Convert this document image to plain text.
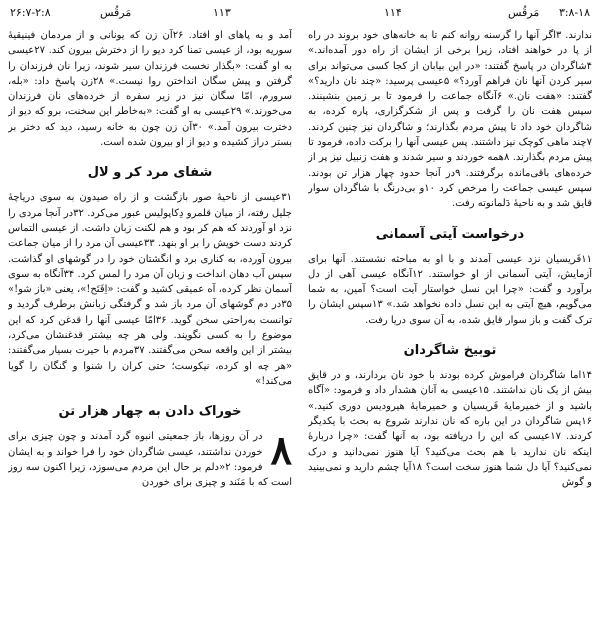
۲۶:۷-۲:۸	مَرقُس	۱۱۳	۱۱۴	مَرقُس ۳:۸-۱۸

ندارند. ۳اگر آنها را گرسنه روانه کنم تا به خانه‌های خود بروند در راه از پا در خواهند افتاد، زیرا برخی از ایشان از راه دور آمده‌اند.» ۴شاگردان در پاسخ گفتند: «در این بیابان از کجا کسی می‌تواند برای سیر کردن آنها نان فراهم آورد؟» ۵عیسی پرسید: «چند نان دارید؟» گفتند: «هفت نان.» ۶آنگاه جماعت را فرمود تا بر زمین بنشینند. سپس هفت نان را گرفت و پس از شکرگزاری، پاره کرده، به شاگردان خود داد تا پیش مردم بگذارند؛ و شاگردان نیز چنین کردند. ۷چند ماهی کوچک نیز داشتند. پس عیسی آنها را برکت داده، فرمود تا پیش مردم بگذارند. ۸همه خوردند و سیر شدند و هفت زنبیل نیز پر از خرده‌های باقی‌مانده برگرفتند. ۹در آنجا حدود چهار هزار تن بودند. سپس عیسی جماعت را مرخص کرد ۱۰و بی‌درنگ با شاگردان سوار قایق شد و به ناحیهٔ دَلمانوته رفت.

درخواست آیتی آسمانی

۱۱فَریسیان نزد عیسی آمدند و با او به مباحثه نشستند. آنها برای آزمایش، آیتی آسمانی از او خواستند. ۱۲آنگاه عیسی آهی از دل برآورد و گفت: «چرا این نسل خواستار آیت است؟ آمین، به شما می‌گویم، هیچ آیتی به این نسل داده نخواهد شد.» ۱۳سپس ایشان را ترک گفت و باز سوار قایق شده، به آن سوی دریا رفت.

توبیخ شاگردان

۱۴اما شاگردان فراموش کرده بودند با خود نان بردارند، و در قایق بیش از یک نان نداشتند. ۱۵عیسی به آنان هشدار داد و فرمود: «آگاه باشید و از خمیرمایهٔ فَریسیان و خمیرمایهٔ هیرودیس دوری کنید.» ۱۶پس شاگردان در این باره که نان ندارند شروع به بحث با یکدیگر کردند. ۱۷عیسی که این را دریافته بود، به آنها گفت: «چرا دربارهٔ اینکه نان ندارید با هم بحث می‌کنید؟ آیا هنوز نمی‌دانید و درک نمی‌کنید؟ آیا دل شما هنوز سخت است؟ ۱۸آیا چشم دارید و نمی‌بینید و گوش

آمد و به پاهای او افتاد. ۲۶آن زن که یونانی و از مردمان فینیقیهٔ سوریه بود، از عیسی تمنا کرد دیو را از دخترش بیرون کند. ۲۷عیسی به او گفت: «بگذار نخست فرزندان سیر شوند، زیرا نان فرزندان را گرفتن و پیش سگان انداختن روا نیست.» ۲۸زن پاسخ داد: «بله، سرورم، امّا سگان نیز در زیر سفره از خرده‌های نان فرزندان می‌خورند.» ۲۹عیسی به او گفت: «به‌خاطر این سخنت، برو که دیو از دخترت بیرون آمد.» ۳۰آن زن چون به خانه رسید، دید که دختر بر بستر دراز کشیده و دیو از او بیرون شده است.

شفای مرد کر و لال

۳۱عیسی از ناحیهٔ صور بازگشت و از راه صیدون به سوی دریاچهٔ جلیل رفته، از میان قلمرو دِکاپولیس عبور می‌کرد. ۳۲در آنجا مردی را نزد او آوردند که هم کر بود و هم لکنت زبان داشت. از عیسی التماس کردند دست خویش را بر او بنهد. ۳۳عیسی آن مرد را از میان جماعت بیرون آورده، به کناری برد و انگشتان خود را در گوشهای او گذاشت. سپس آب دهان انداخت و زبان آن مرد را لمس کرد. ۳۴آنگاه به سوی آسمان نظر کرده، آه عمیقی کشید و گفت: «اِفَتَح!»، یعنی «باز شو!» ۳۵در دم گوشهای آن مرد باز شد و گرفتگی زبانش برطرف گردید و توانست به‌راحتی سخن گوید. ۳۶امّا عیسی آنها را قدغن کرد که این موضوع را به کسی نگویند. ولی هر چه بیشتر قدغنشان می‌کرد، بیشتر از این واقعه سخن می‌گفتند. ۳۷مردم با حیرت بسیار می‌گفتند: «هر چه او کرده، نیکوست؛ حتی کران را شنوا و گنگان را گویا می‌کند!»

خوراک دادن به چهار هزار تن

۸
در آن روزها، باز جمعیتی انبوه گرد آمدند و چون چیزی برای خوردن نداشتند، عیسی شاگردان خود را فرا خواند و به ایشان فرمود: ۲«دلم بر حال این مردم می‌سوزد، زیرا اکنون سه روز است که با مَنَند و چیزی برای خوردن
